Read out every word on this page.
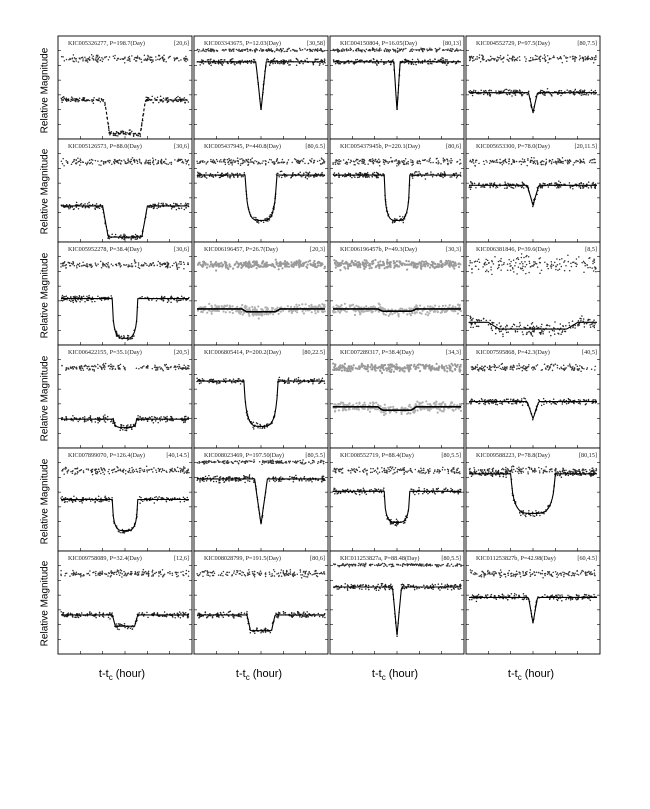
KIC005326277, P=198.7(Day)	[20,6] KIC003343675, P=12.03(Day)	[30,58] KIC004150804, P=16.05(Day)	[80,13] KIC004552729, P=97.5(Day)	[80,7.5]
KIC005126573, P=88.0(Day)	[30,6] KIC005437945, P=440.8(Day)	[80,6.5] KIC005437945b, P=220.1(Day)	[80,6] KIC005653300, P=78.0(Day)	[20,11.5]
KIC005952278, P=38.4(Day)	[30,6] KIC006196457, P=26.7(Day)	[20,3] KIC006196457b, P=49.3(Day)	[30,3] KIC006381846, P=39.6(Day)	[8,5]
KIC006422155, P=35.1(Day)	[20,5] KIC006805414, P=200.2(Day)	[80,22.5] KIC007289317, P=38.4(Day)	[34,3] KIC007595868, P=42.3(Day)	[40,5]
KIC007899070, P=126.4(Day)	[40,14.5] KIC008023469, P=197.50(Day)	[80,5.5] KIC008552719, P=88.4(Day)	[80,5.5] KIC009588223, P=78.8(Day)	[80,15]
KIC009758089, P=32.4(Day)	[12,6] KIC008028799, P=191.5(Day)	[80,6] KIC011253827a, P=88.48(Day)	[80,5.5] KIC011253827b, P=42.98(Day)	[60,4.5]
Relative Magnitude
Relative Magnitude
Relative Magnitude
Relative Magnitude
Relative Magnitude
Relative Magnitude
$t-t_c$ (hour)	$t-t_c$ (hour)	$t-t_c$ (hour)	$t-t_c$ (hour)
